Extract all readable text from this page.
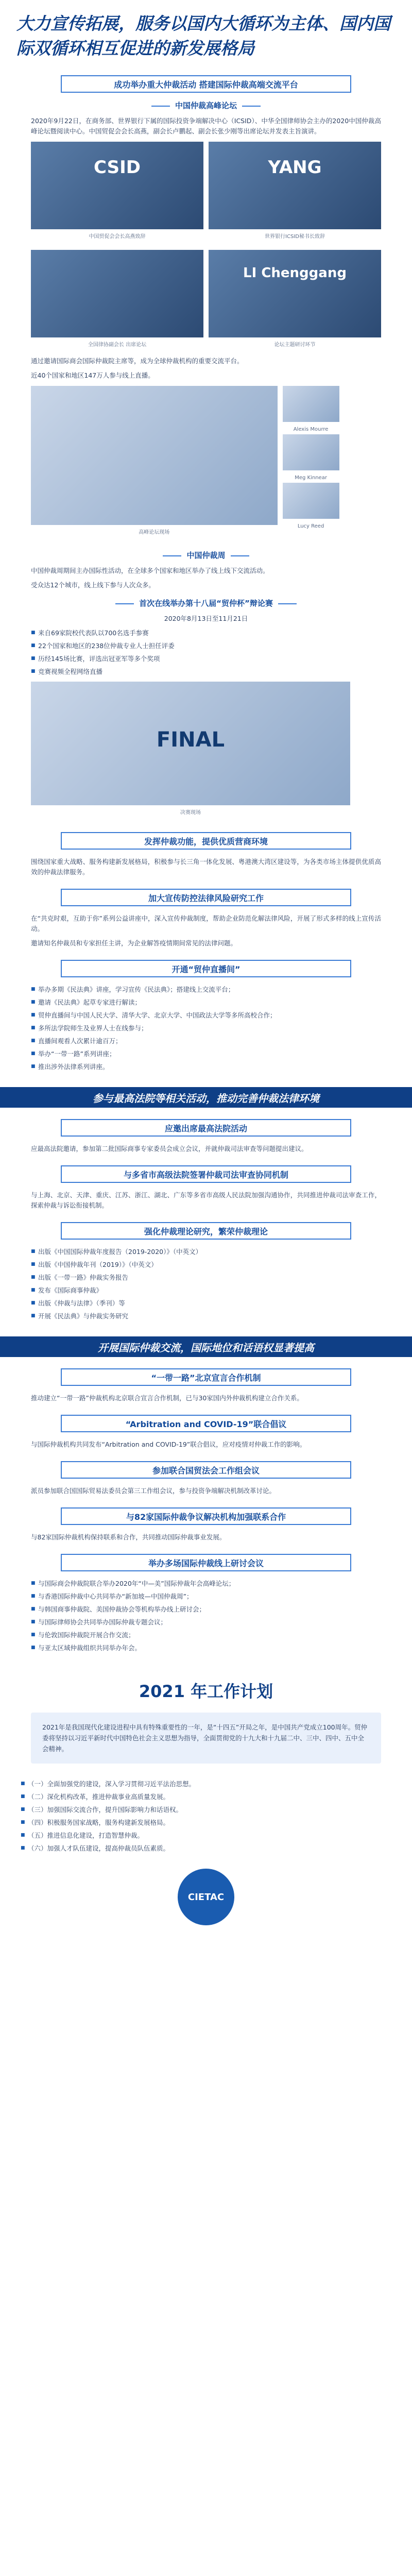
大力宣传拓展，服务以国内大循环为主体、国内国际双循环相互促进的新发展格局
成功举办重大仲裁活动 搭建国际仲裁高端交流平台
中国仲裁高峰论坛

2020年9月22日，在商务部、世界银行下属的国际投资争端解决中心（ICSID）、中华全国律师协会主办的2020中国仲裁高峰论坛暨阅读中心。中国贸促会会长高燕，副会长卢鹏起、副会长张少刚等出席论坛并发表主旨演讲。

CSID
中国贸促会会长高燕致辞
YANG
世界银行ICSID秘书长致辞
全国律协副会长 出席论坛
LI Chenggang
论坛主题研讨环节

通过邀请国际商会国际仲裁院主席等，成为全球仲裁机构的重要交流平台。

近40个国家和地区147万人参与线上直播。

高峰论坛现场
Alexis Mourre
Meg Kinnear
Lucy Reed
中国仲裁周

中国仲裁周期间主办国际性活动，在全球多个国家和地区举办了线上线下交流活动。

受众达12个城市，线上线下参与人次众多。

首次在线举办第十八届“贸仲杯”辩论赛

2020年8月13日至11月21日

■ 来自69家院校代表队以700名选手参赛
■ 22个国家和地区的238位仲裁专业人士担任评委
■ 历经145场比赛，评选出冠亚军等多个奖项
■ 竞赛视频全程网络直播
FINAL
决赛现场
发挥仲裁功能，提供优质营商环境

围绕国家重大战略、服务构建新发展格局，积极参与长三角一体化发展、粤港澳大湾区建设等，为各类市场主体提供优质高效的仲裁法律服务。

加大宣传防控法律风险研究工作

在“共克时艰，互助于你”系列公益讲座中，深入宣传仲裁制度，帮助企业防范化解法律风险，开展了形式多样的线上宣传活动。

邀请知名仲裁员和专家担任主讲，为企业解答疫情期间常见的法律问题。

开通“贸仲直播间”
■ 举办多期《民法典》讲座，学习宣传《民法典》；搭建线上交流平台；
■ 邀请《民法典》起草专家进行解读；
■ 贸仲直播间与中国人民大学、清华大学、北京大学、中国政法大学等多所高校合作；
■ 多所法学院师生及业界人士在线参与；
■ 直播间观看人次累计逾百万；
■ 举办“一带一路”系列讲座；
■ 推出涉外法律系列讲座。
参与最高法院等相关活动，推动完善仲裁法律环境
应邀出席最高法院活动

应最高法院邀请，参加第二批国际商事专家委员会成立会议，并就仲裁司法审查等问题提出建议。

与多省市高级法院签署仲裁司法审查协同机制

与上海、北京、天津、重庆、江苏、浙江、湖北、广东等多省市高级人民法院加强沟通协作，共同推进仲裁司法审查工作，探索仲裁与诉讼衔接机制。

强化仲裁理论研究，繁荣仲裁理论
■ 出版《中国国际仲裁年度报告（2019-2020）》（中英文）
■ 出版《中国仲裁年刊（2019）》（中英文）
■ 出版《一带一路》仲裁实务报告
■ 发布《国际商事仲裁》
■ 出版《仲裁与法律》（季刊）等
■ 开展《民法典》与仲裁实务研究
开展国际仲裁交流，国际地位和话语权显著提高
“一带一路”北京宣言合作机制

推动建立“一带一路”仲裁机构北京联合宣言合作机制，已与30家国内外仲裁机构建立合作关系。

“Arbitration and COVID-19”联合倡议

与国际仲裁机构共同发布“Arbitration and COVID-19”联合倡议，应对疫情对仲裁工作的影响。

参加联合国贸法会工作组会议

派员参加联合国国际贸易法委员会第三工作组会议，参与投资争端解决机制改革讨论。

与82家国际仲裁争议解决机构加强联系合作

与82家国际仲裁机构保持联系和合作，共同推动国际仲裁事业发展。

举办多场国际仲裁线上研讨会议
■ 与国际商会仲裁院联合举办2020年“中—美”国际仲裁年会高峰论坛；
■ 与香港国际仲裁中心共同举办“新加坡—中国仲裁周”；
■ 与韩国商事仲裁院、美国仲裁协会等机构举办线上研讨会；
■ 与国际律师协会共同举办国际仲裁专题会议；
■ 与伦敦国际仲裁院开展合作交流；
■ 与亚太区域仲裁组织共同举办年会。
2021 年工作计划
2021年是我国现代化建设进程中具有特殊重要性的一年，是“十四五”开局之年，是中国共产党成立100周年。贸仲委将坚持以习近平新时代中国特色社会主义思想为指导，全面贯彻党的十九大和十九届二中、三中、四中、五中全会精神。
■ （一）全面加强党的建设，深入学习贯彻习近平法治思想。
■ （二）深化机构改革，推进仲裁事业高质量发展。
■ （三）加强国际交流合作，提升国际影响力和话语权。
■ （四）积极服务国家战略，服务构建新发展格局。
■ （五）推进信息化建设，打造智慧仲裁。
■ （六）加强人才队伍建设，提高仲裁员队伍素质。
CIETAC
